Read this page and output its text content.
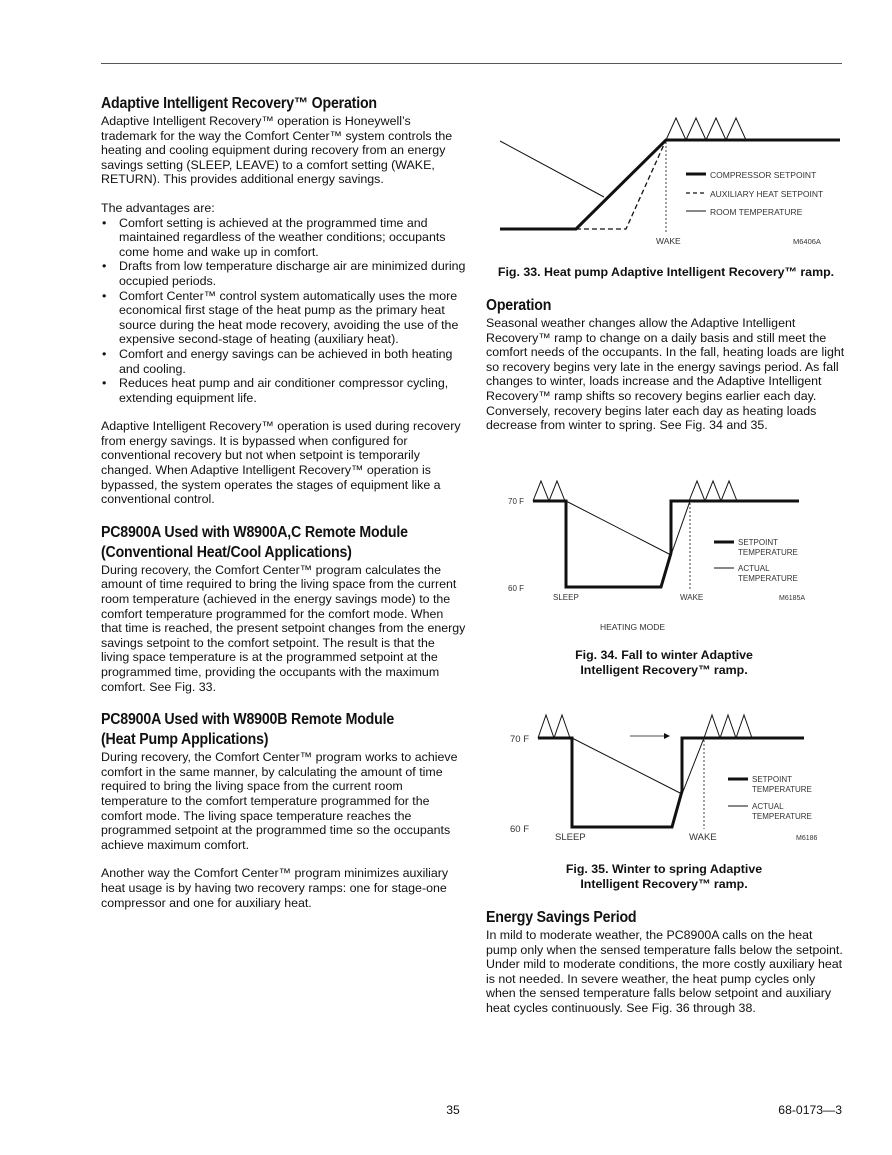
Adaptive Intelligent Recovery™ Operation

Adaptive Intelligent Recovery™ operation is Honeywell’s trademark for the way the Comfort Center™ system controls the heating and cooling equipment during recovery from an energy savings setting (SLEEP, LEAVE) to a comfort setting (WAKE, RETURN). This provides additional energy savings.

The advantages are:

• Comfort setting is achieved at the programmed time and maintained regardless of the weather conditions; occupants come home and wake up in comfort.
• Drafts from low temperature discharge air are minimized during occupied periods.
• Comfort Center™ control system automatically uses the more economical first stage of the heat pump as the primary heat source during the heat mode recovery, avoiding the use of the expensive second-stage of heating (auxiliary heat).
• Comfort and energy savings can be achieved in both heating and cooling.
• Reduces heat pump and air conditioner compressor cycling, extending equipment life.

Adaptive Intelligent Recovery™ operation is used during recovery from energy savings. It is bypassed when configured for conventional recovery but not when setpoint is temporarily changed. When Adaptive Intelligent Recovery™ operation is bypassed, the system operates the stages of equipment like a conventional control.

PC8900A Used with W8900A,C Remote Module
(Conventional Heat/Cool Applications)

During recovery, the Comfort Center™ program calculates the amount of time required to bring the living space from the current room temperature (achieved in the energy savings mode) to the comfort temperature programmed for the comfort mode. When that time is reached, the present setpoint changes from the energy savings setpoint to the comfort setpoint. The result is that the living space temperature is at the programmed setpoint at the programmed time, providing the occupants with the maximum comfort. See Fig. 33.

PC8900A Used with W8900B Remote Module
(Heat Pump Applications)

During recovery, the Comfort Center™ program works to achieve comfort in the same manner, by calculating the amount of time required to bring the living space from the current room temperature to the comfort temperature programmed for the comfort mode. The living space temperature reaches the programmed setpoint at the programmed time so the occupants achieve maximum comfort.

Another way the Comfort Center™ program minimizes auxiliary heat usage is by having two recovery ramps: one for stage-one compressor and one for auxiliary heat.

COMPRESSOR SETPOINT
AUXILIARY HEAT SETPOINT
ROOM TEMPERATURE
WAKE	M6406A
Fig. 33. Heat pump Adaptive Intelligent Recovery™ ramp.
Operation

Seasonal weather changes allow the Adaptive Intelligent Recovery™ ramp to change on a daily basis and still meet the comfort needs of the occupants. In the fall, heating loads are light so recovery begins very late in the energy savings period. As fall changes to winter, loads increase and the Adaptive Intelligent Recovery™ ramp shifts so recovery begins earlier each day. Conversely, recovery begins later each day as heating loads decrease from winter to spring. See Fig. 34 and 35.

70 F
60 F
SLEEP	WAKE
SETPOINT
TEMPERATURE
ACTUAL
TEMPERATURE
M6185A
HEATING MODE
Fig. 34. Fall to winter Adaptive
Intelligent Recovery™ ramp.
70 F
60 F
SLEEP	WAKE
SETPOINT
TEMPERATURE
ACTUAL
TEMPERATURE
M6186
Fig. 35. Winter to spring Adaptive
Intelligent Recovery™ ramp.
Energy Savings Period

In mild to moderate weather, the PC8900A calls on the heat pump only when the sensed temperature falls below the setpoint. Under mild to moderate conditions, the more costly auxiliary heat is not needed. In severe weather, the heat pump cycles only when the sensed temperature falls below setpoint and auxiliary heat cycles continuously. See Fig. 36 through 38.

35	68-0173—3
